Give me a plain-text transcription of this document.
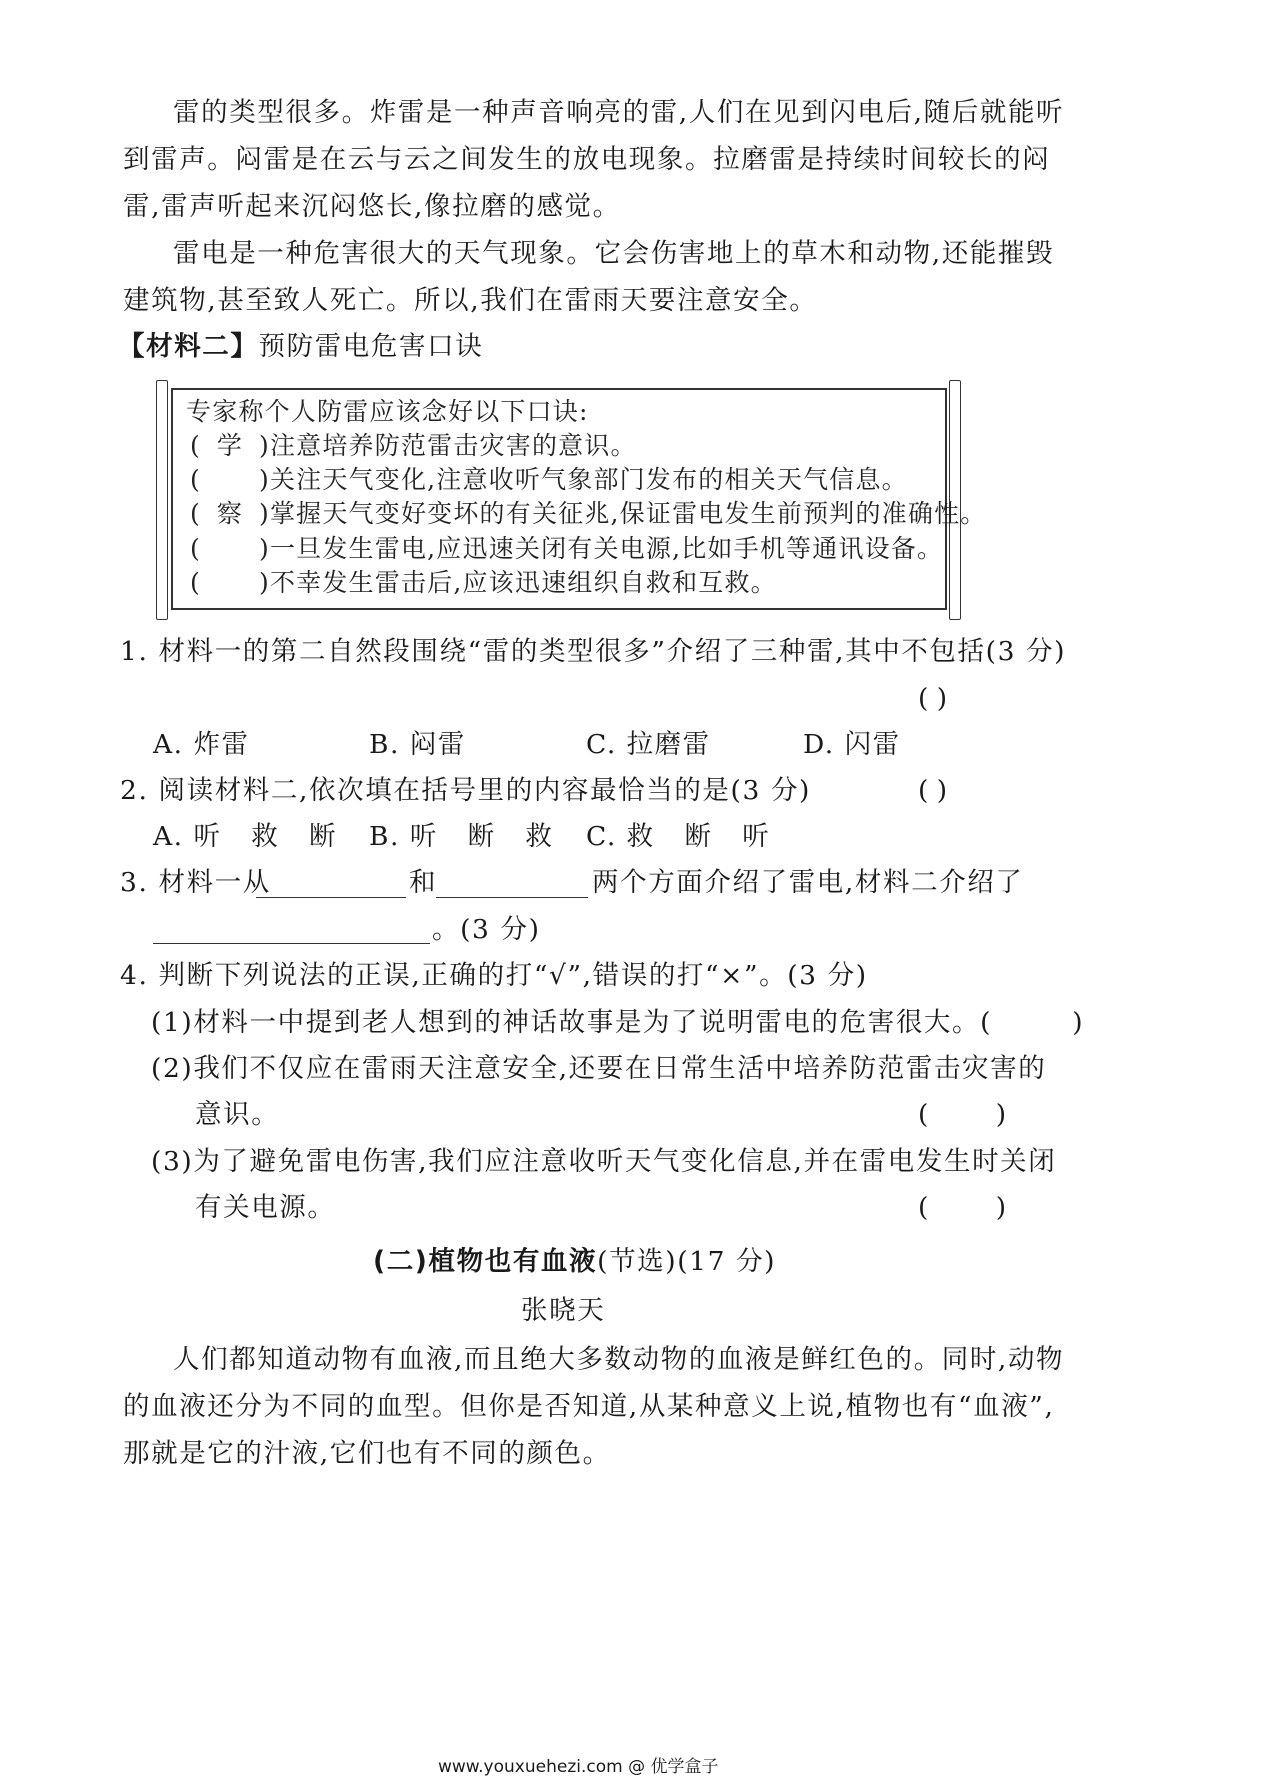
雷的类型很多。炸雷是一种声音响亮的雷,人们在见到闪电后,随后就能听
到雷声。闷雷是在云与云之间发生的放电现象。拉磨雷是持续时间较长的闷
雷,雷声听起来沉闷悠长,像拉磨的感觉。
雷电是一种危害很大的天气现象。它会伤害地上的草木和动物,还能摧毁
建筑物,甚至致人死亡。所以,我们在雷雨天要注意安全。
【材料二】预防雷电危害口诀
专家称个人防雷应该念好以下口诀:
( 学 )注意培养防范雷击灾害的意识。
( )关注天气变化,注意收听气象部门发布的相关天气信息。
( 察 )掌握天气变好变坏的有关征兆,保证雷电发生前预判的准确性。
( )一旦发生雷电,应迅速关闭有关电源,比如手机等通讯设备。
( )不幸发生雷击后,应该迅速组织自救和互救。
1. 材料一的第二自然段围绕“雷的类型很多”介绍了三种雷,其中不包括(3 分)
( )
A. 炸雷	B. 闷雷	C. 拉磨雷	D. 闪雷
2. 阅读材料二,依次填在括号里的内容最恰当的是(3 分)	( )
A. 听   救   断 B. 听   断   救 C. 救   断   听
3. 材料一从	和	两个方面介绍了雷电,材料二介绍了
。(3 分)
4. 判断下列说法的正误,正确的打“√”,错误的打“×”。(3 分)
(1)材料一中提到老人想到的神话故事是为了说明雷电的危害很大。(        )
(2)我们不仅应在雷雨天注意安全,还要在日常生活中培养防范雷击灾害的
意识。	(        )
(3)为了避免雷电伤害,我们应注意收听天气变化信息,并在雷电发生时关闭
有关电源。	(        )
(二)植物也有血液(节选)(17 分)
张晓天
人们都知道动物有血液,而且绝大多数动物的血液是鲜红色的。同时,动物
的血液还分为不同的血型。但你是否知道,从某种意义上说,植物也有“血液”,
那就是它的汁液,它们也有不同的颜色。
www.youxuehezi.com @ 优学盒子
